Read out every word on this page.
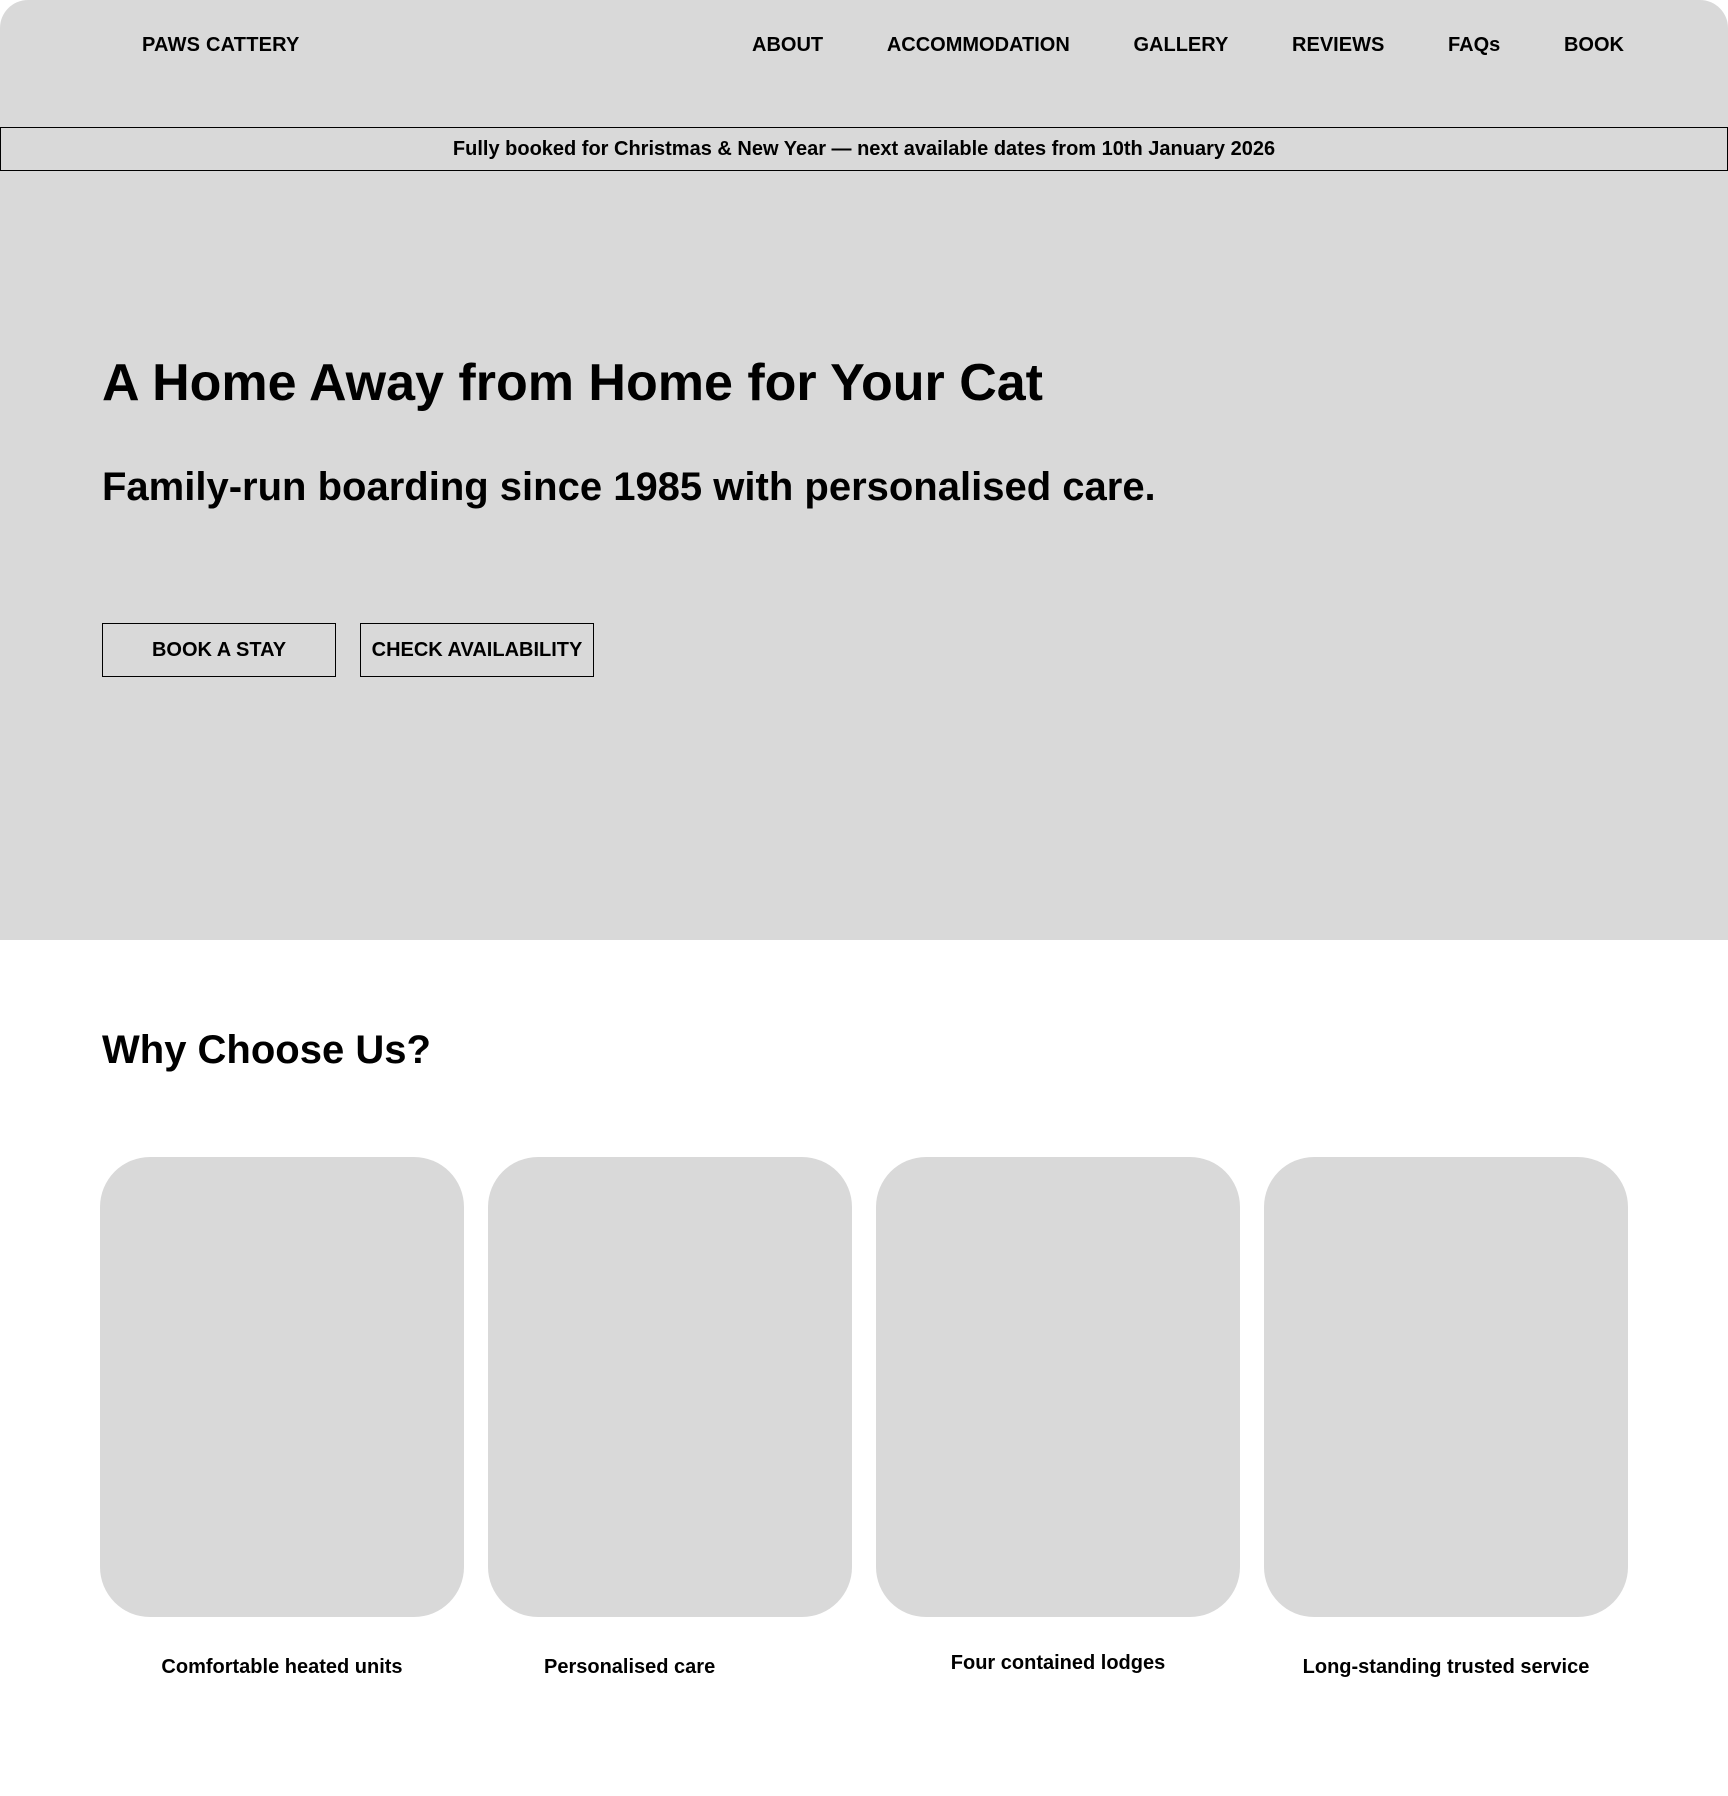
PAWS CATTERY	ABOUT	ACCOMMODATION	GALLERY	REVIEWS	FAQs	BOOK
Fully booked for Christmas & New Year — next available dates from 10th January 2026
A Home Away from Home for Your Cat
Family-run boarding since 1985 with personalised care.
BOOK A STAY	CHECK AVAILABILITY
Why Choose Us?
Comfortable heated units	Personalised care	Four contained lodges	Long-standing trusted service
